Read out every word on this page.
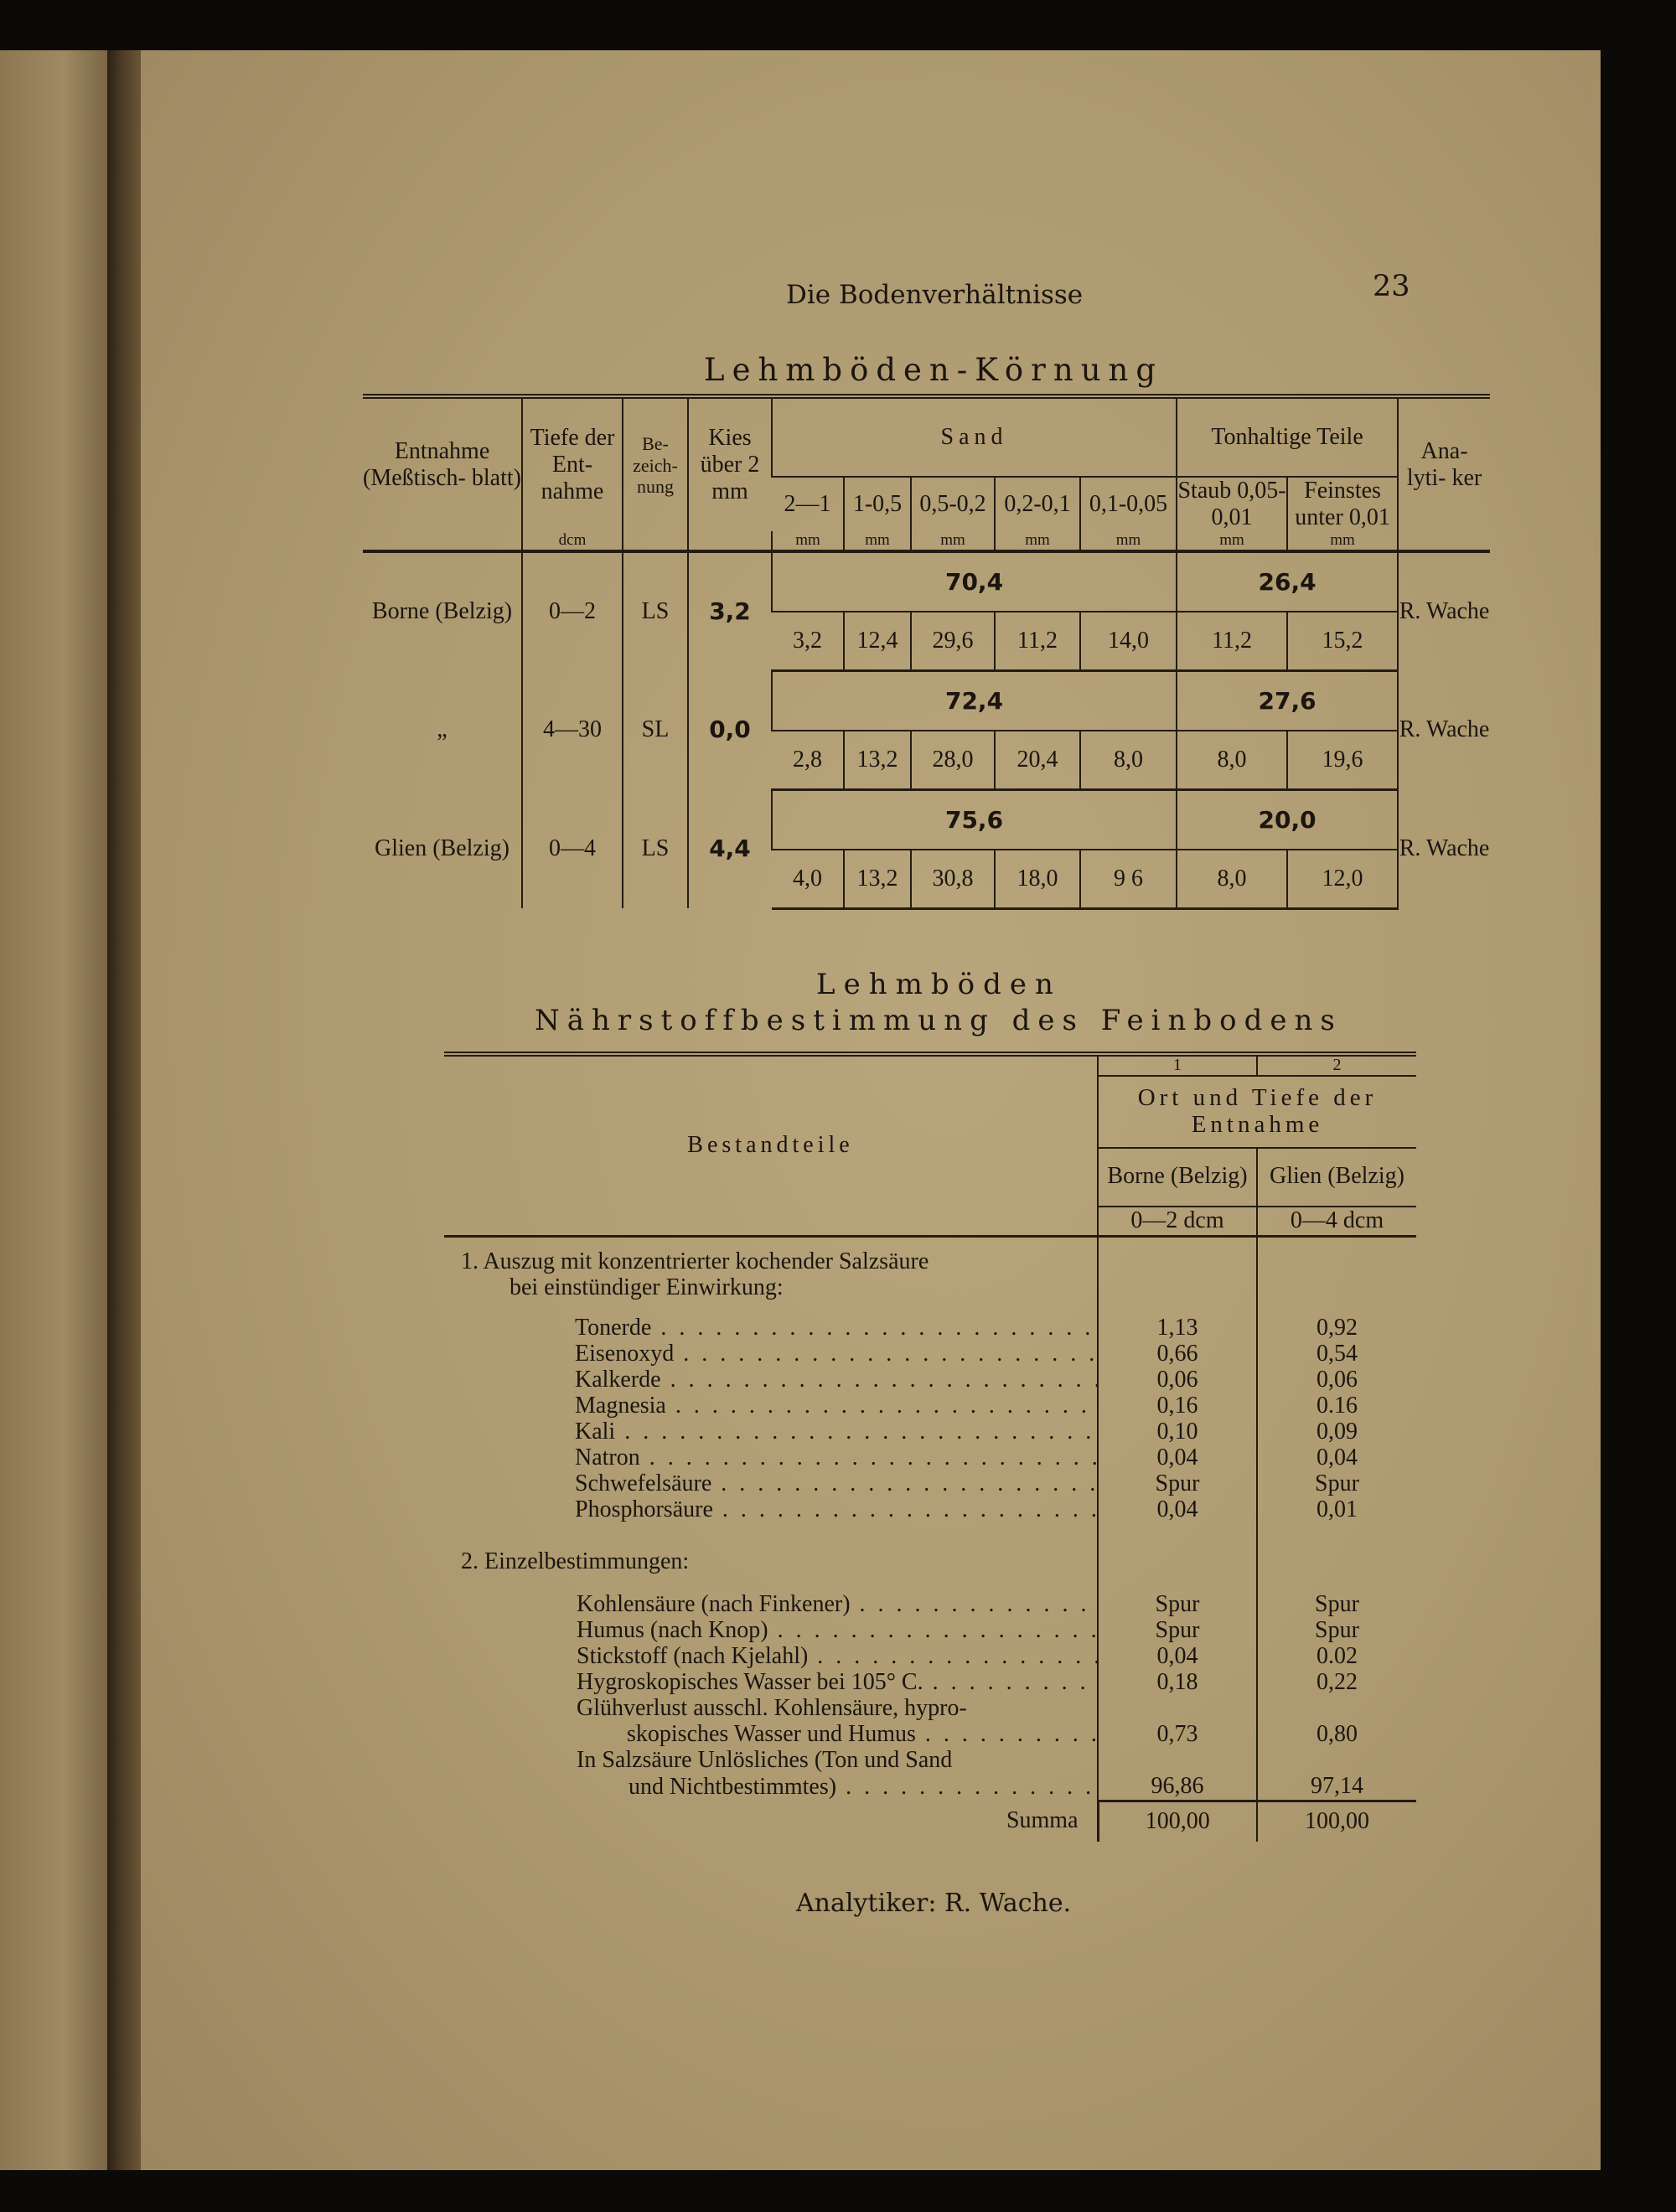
Die Bodenverhältnisse	23
Lehmböden-Körnung
Entnahme (Meßtisch- blatt)	Tiefe der Ent- nahme	Be- zeich- nung	Kies über 2 mm	Sand					Tonhaltige Teile		Ana- lyti- ker
				2—1	1-0,5	0,5-0,2	0,2-0,1	0,1-0,05	Staub 0,05-0,01	Feinstes unter 0,01	
	dcm			mm	mm	mm	mm	mm	mm	mm	
Borne (Belzig)	0—2	LS	3,2	70,4					26,4		R. Wache
				3,2	12,4	29,6	11,2	14,0	11,2	15,2	
„	4—30	SL	0,0	72,4					27,6		R. Wache
				2,8	13,2	28,0	20,4	8,0	8,0	19,6	
Glien (Belzig)	0—4	LS	4,4	75,6					20,0		R. Wache
				4,0	13,2	30,8	18,0	9 6	8,0	12,0	
Lehmböden
Nährstoffbestimmung des Feinbodens
Bestandteile	1	2
	Ort und Tiefe der Entnahme	
	Borne (Belzig)	Glien (Belzig)
	0—2 dcm	0—4 dcm
1. Auszug mit konzentrierter kochender Salzsäure		
bei einstündiger Einwirkung:		
Tonerde . . .	1,13	0,92
Eisenoxyd . . .	0,66	0,54
Kalkerde . . .	0,06	0,06
Magnesia . . .	0,16	0.16
Kali . . .	0,10	0,09
Natron . . .	0,04	0,04
Schwefelsäure . . .	Spur	Spur
Phosphorsäure . . .	0,04	0,01
2. Einzelbestimmungen:		

Kohlensäure (nach Finkener) . . .	Spur	Spur
Humus (nach Knop) . . .	Spur	Spur
Stickstoff (nach Kjelahl) . . .	0,04	0.02
Hygroskopisches Wasser bei 105° C. . . .	0,18	0,22
Glühverlust ausschl. Kohlensäure, hypro-		
skopisches Wasser und Humus . . .	0,73	0,80
In Salzsäure Unlösliches (Ton und Sand		
und Nichtbestimmtes) . . .	96,86	97,14
Summa	100,00	100,00
Analytiker: R. Wache.
